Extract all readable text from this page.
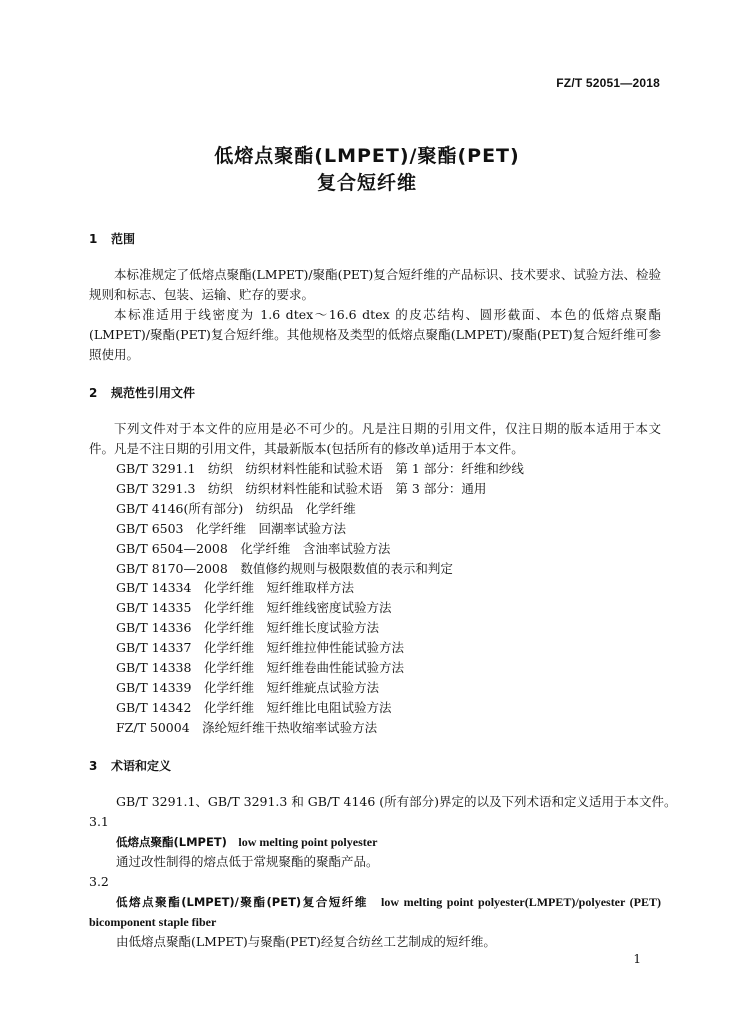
FZ/T 52051—2018
低熔点聚酯(LMPET)/聚酯(PET)
复合短纤维
1 范围
本标准规定了低熔点聚酯(LMPET)/聚酯(PET)复合短纤维的产品标识、技术要求、试验方法、检验规则和标志、包装、运输、贮存的要求。
本标准适用于线密度为 1.6 dtex～16.6 dtex 的皮芯结构、圆形截面、本色的低熔点聚酯(LMPET)/聚酯(PET)复合短纤维。其他规格及类型的低熔点聚酯(LMPET)/聚酯(PET)复合短纤维可参照使用。
2 规范性引用文件
下列文件对于本文件的应用是必不可少的。凡是注日期的引用文件，仅注日期的版本适用于本文件。凡是不注日期的引用文件，其最新版本(包括所有的修改单)适用于本文件。
GB/T 3291.1　纺织　纺织材料性能和试验术语　第 1 部分：纤维和纱线
GB/T 3291.3　纺织　纺织材料性能和试验术语　第 3 部分：通用
GB/T 4146(所有部分)　纺织品　化学纤维
GB/T 6503　化学纤维　回潮率试验方法
GB/T 6504—2008　化学纤维　含油率试验方法
GB/T 8170—2008　数值修约规则与极限数值的表示和判定
GB/T 14334　化学纤维　短纤维取样方法
GB/T 14335　化学纤维　短纤维线密度试验方法
GB/T 14336　化学纤维　短纤维长度试验方法
GB/T 14337　化学纤维　短纤维拉伸性能试验方法
GB/T 14338　化学纤维　短纤维卷曲性能试验方法
GB/T 14339　化学纤维　短纤维疵点试验方法
GB/T 14342　化学纤维　短纤维比电阻试验方法
FZ/T 50004　涤纶短纤维干热收缩率试验方法
3 术语和定义
GB/T 3291.1、GB/T 3291.3 和 GB/T 4146 (所有部分)界定的以及下列术语和定义适用于本文件。
3.1
低熔点聚酯(LMPET)　 low melting point polyester
通过改性制得的熔点低于常规聚酯的聚酯产品。
3.2
低熔点聚酯(LMPET)/聚酯(PET)复合短纤维　 low melting point polyester(LMPET)/polyester (PET) bicomponent staple fiber
由低熔点聚酯(LMPET)与聚酯(PET)经复合纺丝工艺制成的短纤维。
1
